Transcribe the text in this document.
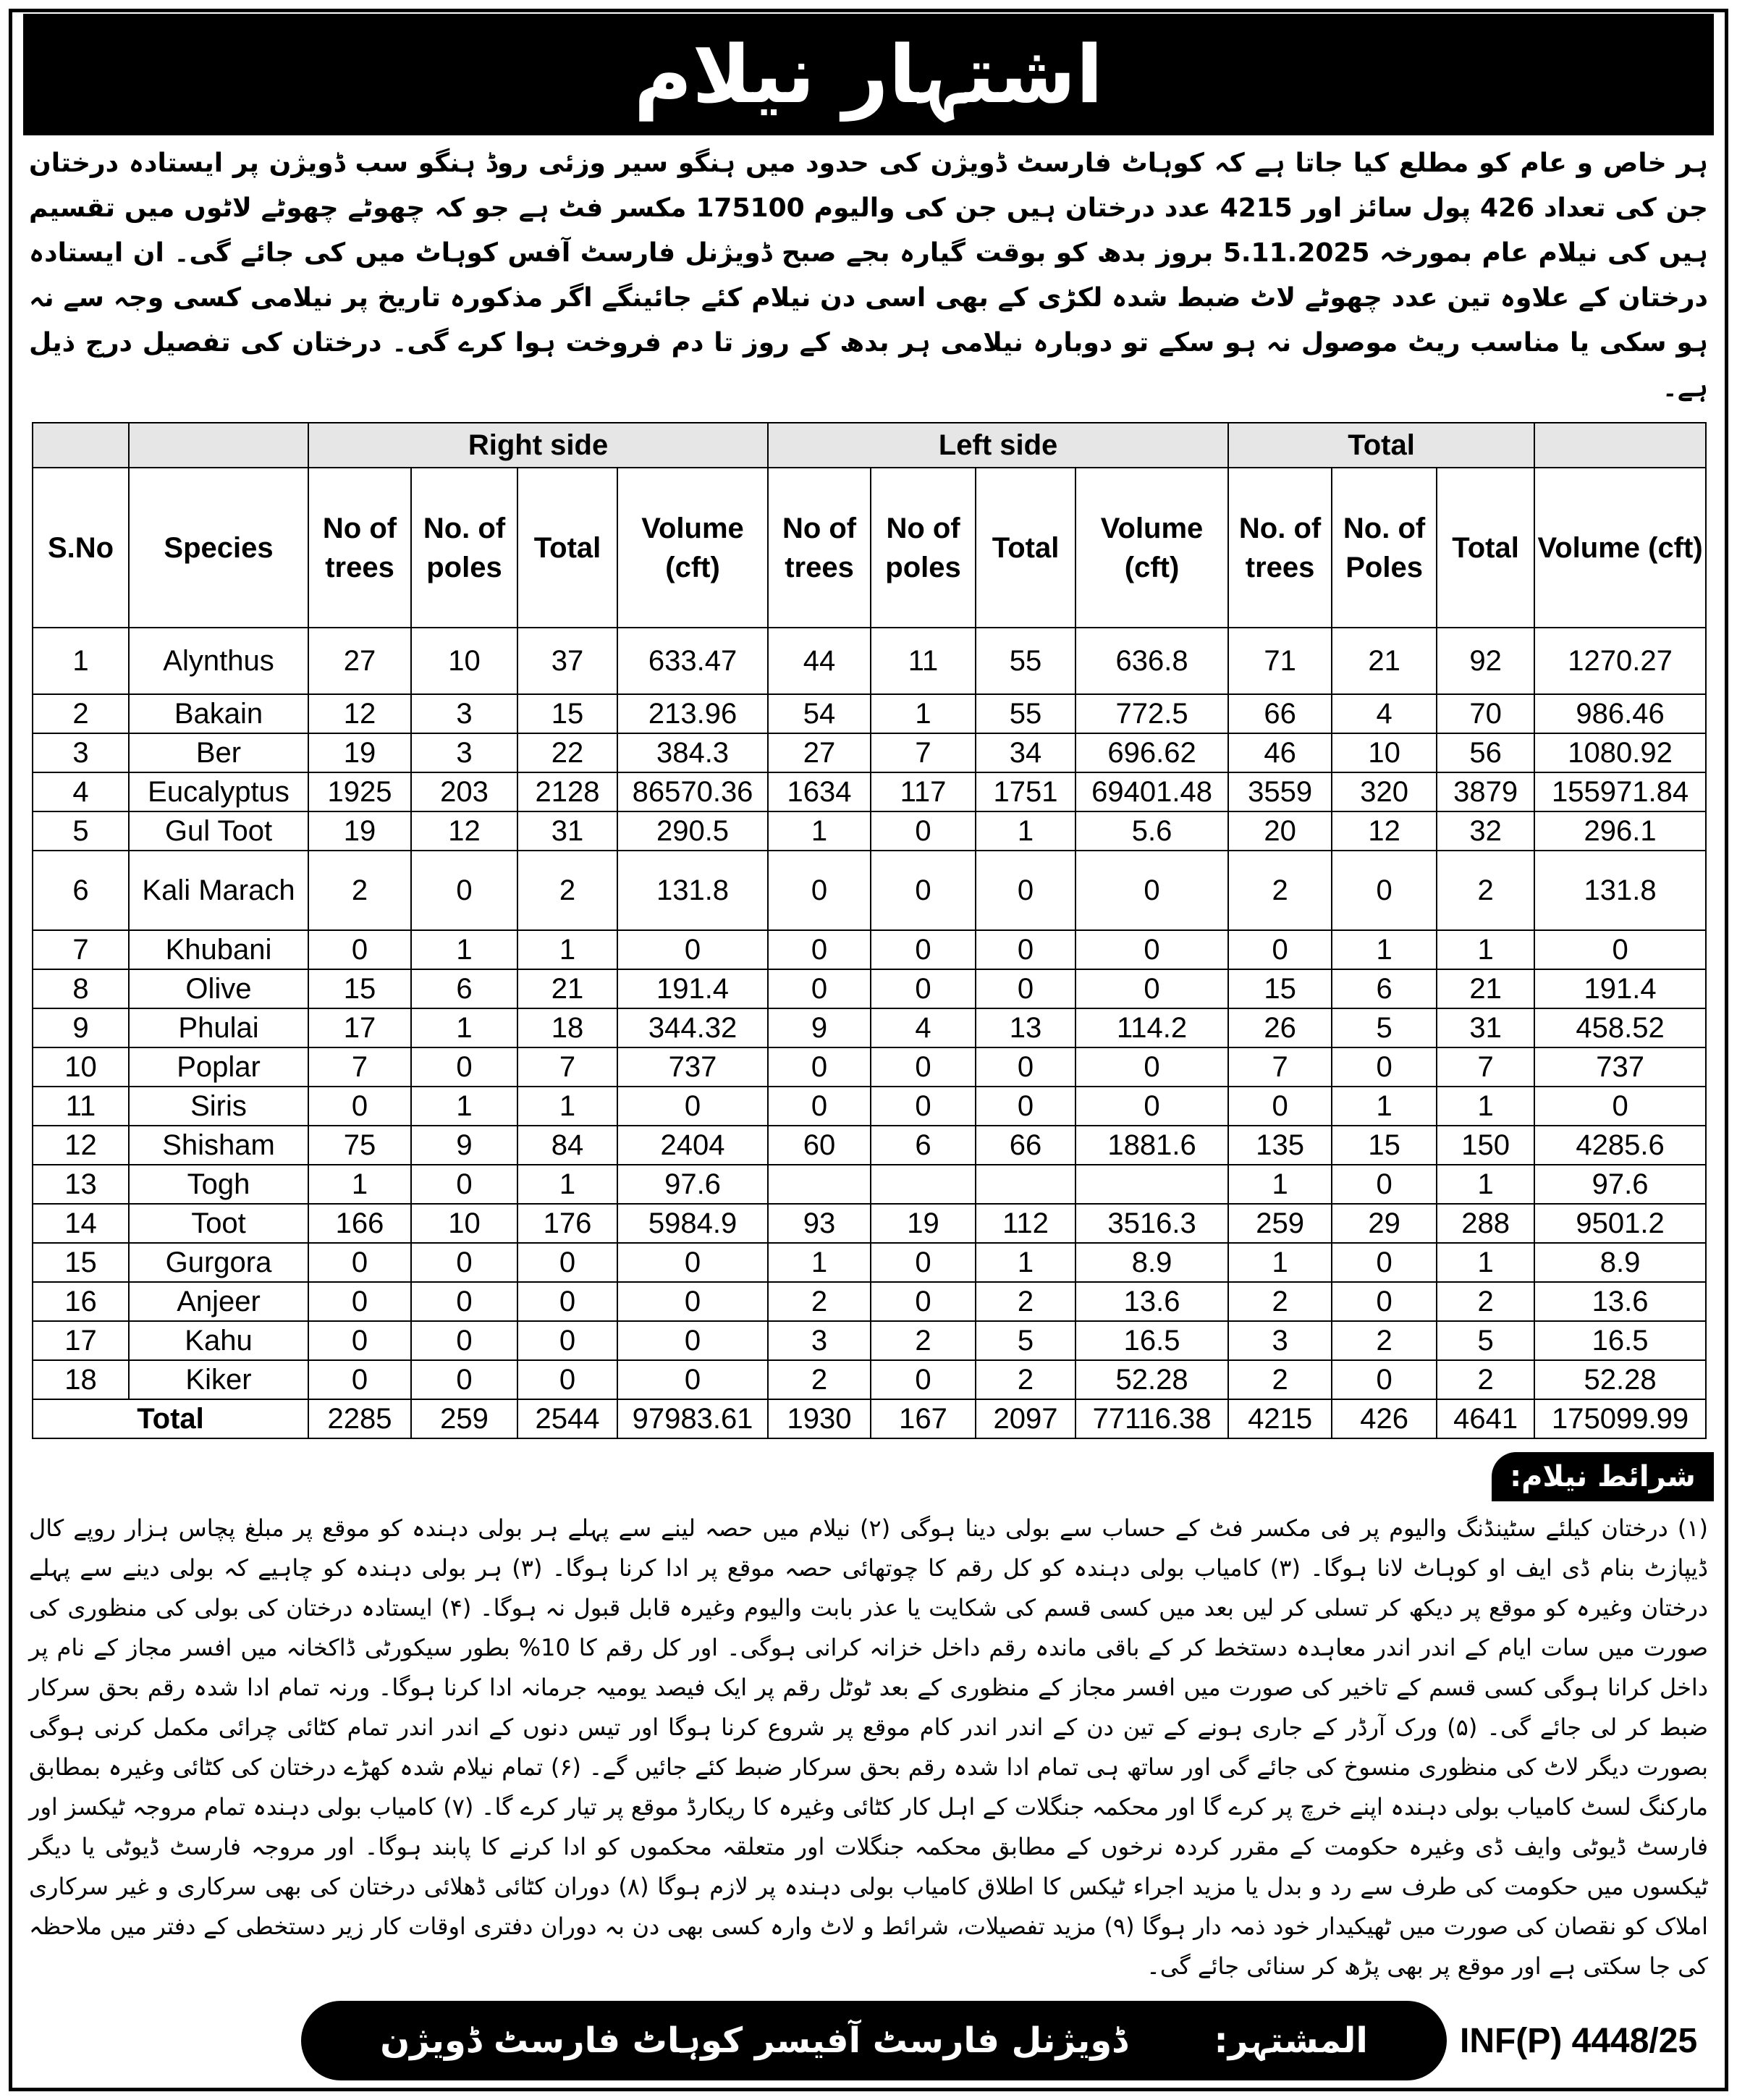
اشتہار نیلام
ہر خاص و عام کو مطلع کیا جاتا ہے کہ کوہاٹ فارسٹ ڈویژن کی حدود میں ہنگو سیر وزئی روڈ ہنگو سب ڈویژن پر ایستادہ درختان جن کی تعداد 426 پول سائز اور 4215 عدد درختان ہیں جن کی والیوم 175100 مکسر فٹ ہے جو کہ چھوٹے چھوٹے لاٹوں میں تقسیم ہیں کی نیلام عام بمورخہ 5.11.2025 بروز بدھ کو بوقت گیارہ بجے صبح ڈویژنل فارسٹ آفس کوہاٹ میں کی جائے گی۔ ان ایستادہ درختان کے علاوہ تین عدد چھوٹے لاٹ ضبط شدہ لکڑی کے بھی اسی دن نیلام کئے جائینگے اگر مذکورہ تاریخ پر نیلامی کسی وجہ سے نہ ہو سکی یا مناسب ریٹ موصول نہ ہو سکے تو دوبارہ نیلامی ہر بدھ کے روز تا دم فروخت ہوا کرے گی۔ درختان کی تفصیل درج ذیل ہے۔
		Right side				Left side				Total			
S.No	Species	No of trees	No. of poles	Total	Volume (cft)	No of trees	No of poles	Total	Volume (cft)	No. of trees	No. of Poles	Total	Volume (cft)
1	Alynthus	27	10	37	633.47	44	11	55	636.8	71	21	92	1270.27
2	Bakain	12	3	15	213.96	54	1	55	772.5	66	4	70	986.46
3	Ber	19	3	22	384.3	27	7	34	696.62	46	10	56	1080.92
4	Eucalyptus	1925	203	2128	86570.36	1634	117	1751	69401.48	3559	320	3879	155971.84
5	Gul Toot	19	12	31	290.5	1	0	1	5.6	20	12	32	296.1
6	Kali Marach	2	0	2	131.8	0	0	0	0	2	0	2	131.8
7	Khubani	0	1	1	0	0	0	0	0	0	1	1	0
8	Olive	15	6	21	191.4	0	0	0	0	15	6	21	191.4
9	Phulai	17	1	18	344.32	9	4	13	114.2	26	5	31	458.52
10	Poplar	7	0	7	737	0	0	0	0	7	0	7	737
11	Siris	0	1	1	0	0	0	0	0	0	1	1	0
12	Shisham	75	9	84	2404	60	6	66	1881.6	135	15	150	4285.6
13	Togh	1	0	1	97.6					1	0	1	97.6
14	Toot	166	10	176	5984.9	93	19	112	3516.3	259	29	288	9501.2
15	Gurgora	0	0	0	0	1	0	1	8.9	1	0	1	8.9
16	Anjeer	0	0	0	0	2	0	2	13.6	2	0	2	13.6
17	Kahu	0	0	0	0	3	2	5	16.5	3	2	5	16.5
18	Kiker	0	0	0	0	2	0	2	52.28	2	0	2	52.28
Total		2285	259	2544	97983.61	1930	167	2097	77116.38	4215	426	4641	175099.99
شرائط نیلام:
(۱) درختان کیلئے سٹینڈنگ والیوم پر فی مکسر فٹ کے حساب سے بولی دینا ہوگی (۲) نیلام میں حصہ لینے سے پہلے ہر بولی دہندہ کو موقع پر مبلغ پچاس ہزار روپے کال ڈیپازٹ بنام ڈی ایف او کوہاٹ لانا ہوگا۔ (۳) کامیاب بولی دہندہ کو کل رقم کا چوتھائی حصہ موقع پر ادا کرنا ہوگا۔ (۳) ہر بولی دہندہ کو چاہیے کہ بولی دینے سے پہلے درختان وغیرہ کو موقع پر دیکھ کر تسلی کر لیں بعد میں کسی قسم کی شکایت یا عذر بابت والیوم وغیرہ قابل قبول نہ ہوگا۔ (۴) ایستادہ درختان کی بولی کی منظوری کی صورت میں سات ایام کے اندر اندر معاہدہ دستخط کر کے باقی ماندہ رقم داخل خزانہ کرانی ہوگی۔ اور کل رقم کا 10% بطور سیکورٹی ڈاکخانہ میں افسر مجاز کے نام پر داخل کرانا ہوگی کسی قسم کے تاخیر کی صورت میں افسر مجاز کے منظوری کے بعد ٹوٹل رقم پر ایک فیصد یومیہ جرمانہ ادا کرنا ہوگا۔ ورنہ تمام ادا شدہ رقم بحق سرکار ضبط کر لی جائے گی۔ (۵) ورک آرڈر کے جاری ہونے کے تین دن کے اندر اندر کام موقع پر شروع کرنا ہوگا اور تیس دنوں کے اندر اندر تمام کٹائی چرائی مکمل کرنی ہوگی بصورت دیگر لاٹ کی منظوری منسوخ کی جائے گی اور ساتھ ہی تمام ادا شدہ رقم بحق سرکار ضبط کئے جائیں گے۔ (۶) تمام نیلام شدہ کھڑے درختان کی کٹائی وغیرہ بمطابق مارکنگ لسٹ کامیاب بولی دہندہ اپنے خرچ پر کرے گا اور محکمہ جنگلات کے اہل کار کٹائی وغیرہ کا ریکارڈ موقع پر تیار کرے گا۔ (۷) کامیاب بولی دہندہ تمام مروجہ ٹیکسز اور فارسٹ ڈیوٹی وایف ڈی وغیرہ حکومت کے مقرر کردہ نرخوں کے مطابق محکمہ جنگلات اور متعلقہ محکموں کو ادا کرنے کا پابند ہوگا۔ اور مروجہ فارسٹ ڈیوٹی یا دیگر ٹیکسوں میں حکومت کی طرف سے رد و بدل یا مزید اجراء ٹیکس کا اطلاق کامیاب بولی دہندہ پر لازم ہوگا (۸) دوران کٹائی ڈھلائی درختان کی بھی سرکاری و غیر سرکاری املاک کو نقصان کی صورت میں ٹھیکیدار خود ذمہ دار ہوگا (۹) مزید تفصیلات، شرائط و لاٹ وارہ کسی بھی دن بہ دوران دفتری اوقات کار زیر دستخطی کے دفتر میں ملاحظہ کی جا سکتی ہے اور موقع پر بھی پڑھ کر سنائی جائے گی۔
المشتہر:
ڈویژنل فارسٹ آفیسر کوہاٹ فارسٹ ڈویژن	INF(P) 4448/25
